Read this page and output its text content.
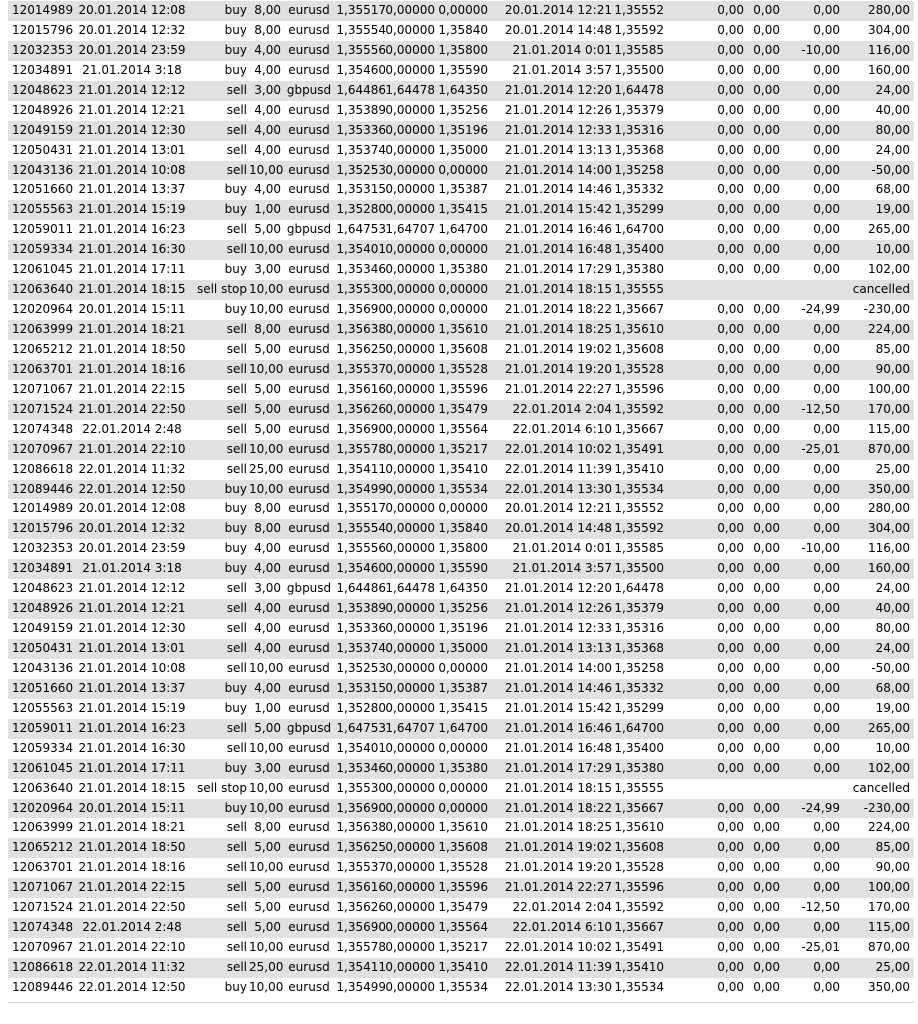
12014989 20.01.2014 12:08	buy 8,00 eurusd 1,35517 0,00000 0,00000 20.01.2014 12:21 1,35552	0,00 0,00	0,00	280,00
12015796 20.01.2014 12:32	buy 8,00 eurusd 1,35554 0,00000 1,35840 20.01.2014 14:48 1,35592	0,00 0,00	0,00	304,00
12032353 20.01.2014 23:59	buy 4,00 eurusd 1,35556 0,00000 1,35800	21.01.2014 0:01 1,35585	0,00 0,00	-10,00	116,00
12034891 21.01.2014 3:18	buy 4,00 eurusd 1,35460 0,00000 1,35590	21.01.2014 3:57 1,35500	0,00 0,00	0,00	160,00
12048623 21.01.2014 12:12	sell 3,00 gbpusd 1,64486 1,64478 1,64350 21.01.2014 12:20 1,64478	0,00 0,00	0,00	24,00
12048926 21.01.2014 12:21	sell 4,00 eurusd 1,35389 0,00000 1,35256 21.01.2014 12:26 1,35379	0,00 0,00	0,00	40,00
12049159 21.01.2014 12:30	sell 4,00 eurusd 1,35336 0,00000 1,35196 21.01.2014 12:33 1,35316	0,00 0,00	0,00	80,00
12050431 21.01.2014 13:01	sell 4,00 eurusd 1,35374 0,00000 1,35000 21.01.2014 13:13 1,35368	0,00 0,00	0,00	24,00
12043136 21.01.2014 10:08	sell 10,00 eurusd 1,35253 0,00000 0,00000 21.01.2014 14:00 1,35258	0,00 0,00	0,00	-50,00
12051660 21.01.2014 13:37	buy 4,00 eurusd 1,35315 0,00000 1,35387 21.01.2014 14:46 1,35332	0,00 0,00	0,00	68,00
12055563 21.01.2014 15:19	buy 1,00 eurusd 1,35280 0,00000 1,35415 21.01.2014 15:42 1,35299	0,00 0,00	0,00	19,00
12059011 21.01.2014 16:23	sell 5,00 gbpusd 1,64753 1,64707 1,64700 21.01.2014 16:46 1,64700	0,00 0,00	0,00	265,00
12059334 21.01.2014 16:30	sell 10,00 eurusd 1,35401 0,00000 0,00000 21.01.2014 16:48 1,35400	0,00 0,00	0,00	10,00
12061045 21.01.2014 17:11	buy 3,00 eurusd 1,35346 0,00000 1,35380 21.01.2014 17:29 1,35380	0,00 0,00	0,00	102,00
12063640 21.01.2014 18:15 sell stop 10,00 eurusd 1,35530 0,00000 0,00000 21.01.2014 18:15 1,35555	cancelled
12020964 20.01.2014 15:11	buy 10,00 eurusd 1,35690 0,00000 0,00000 21.01.2014 18:22 1,35667	0,00 0,00	-24,99	-230,00
12063999 21.01.2014 18:21	sell 8,00 eurusd 1,35638 0,00000 1,35610 21.01.2014 18:25 1,35610	0,00 0,00	0,00	224,00
12065212 21.01.2014 18:50	sell 5,00 eurusd 1,35625 0,00000 1,35608 21.01.2014 19:02 1,35608	0,00 0,00	0,00	85,00
12063701 21.01.2014 18:16	sell 10,00 eurusd 1,35537 0,00000 1,35528 21.01.2014 19:20 1,35528	0,00 0,00	0,00	90,00
12071067 21.01.2014 22:15	sell 5,00 eurusd 1,35616 0,00000 1,35596 21.01.2014 22:27 1,35596	0,00 0,00	0,00	100,00
12071524 21.01.2014 22:50	sell 5,00 eurusd 1,35626 0,00000 1,35479	22.01.2014 2:04 1,35592	0,00 0,00	-12,50	170,00
12074348 22.01.2014 2:48	sell 5,00 eurusd 1,35690 0,00000 1,35564	22.01.2014 6:10 1,35667	0,00 0,00	0,00	115,00
12070967 21.01.2014 22:10	sell 10,00 eurusd 1,35578 0,00000 1,35217 22.01.2014 10:02 1,35491	0,00 0,00	-25,01	870,00
12086618 22.01.2014 11:32	sell 25,00 eurusd 1,35411 0,00000 1,35410 22.01.2014 11:39 1,35410	0,00 0,00	0,00	25,00
12089446 22.01.2014 12:50	buy 10,00 eurusd 1,35499 0,00000 1,35534 22.01.2014 13:30 1,35534	0,00 0,00	0,00	350,00
12014989 20.01.2014 12:08	buy 8,00 eurusd 1,35517 0,00000 0,00000 20.01.2014 12:21 1,35552	0,00 0,00	0,00	280,00
12015796 20.01.2014 12:32	buy 8,00 eurusd 1,35554 0,00000 1,35840 20.01.2014 14:48 1,35592	0,00 0,00	0,00	304,00
12032353 20.01.2014 23:59	buy 4,00 eurusd 1,35556 0,00000 1,35800	21.01.2014 0:01 1,35585	0,00 0,00	-10,00	116,00
12034891 21.01.2014 3:18	buy 4,00 eurusd 1,35460 0,00000 1,35590	21.01.2014 3:57 1,35500	0,00 0,00	0,00	160,00
12048623 21.01.2014 12:12	sell 3,00 gbpusd 1,64486 1,64478 1,64350 21.01.2014 12:20 1,64478	0,00 0,00	0,00	24,00
12048926 21.01.2014 12:21	sell 4,00 eurusd 1,35389 0,00000 1,35256 21.01.2014 12:26 1,35379	0,00 0,00	0,00	40,00
12049159 21.01.2014 12:30	sell 4,00 eurusd 1,35336 0,00000 1,35196 21.01.2014 12:33 1,35316	0,00 0,00	0,00	80,00
12050431 21.01.2014 13:01	sell 4,00 eurusd 1,35374 0,00000 1,35000 21.01.2014 13:13 1,35368	0,00 0,00	0,00	24,00
12043136 21.01.2014 10:08	sell 10,00 eurusd 1,35253 0,00000 0,00000 21.01.2014 14:00 1,35258	0,00 0,00	0,00	-50,00
12051660 21.01.2014 13:37	buy 4,00 eurusd 1,35315 0,00000 1,35387 21.01.2014 14:46 1,35332	0,00 0,00	0,00	68,00
12055563 21.01.2014 15:19	buy 1,00 eurusd 1,35280 0,00000 1,35415 21.01.2014 15:42 1,35299	0,00 0,00	0,00	19,00
12059011 21.01.2014 16:23	sell 5,00 gbpusd 1,64753 1,64707 1,64700 21.01.2014 16:46 1,64700	0,00 0,00	0,00	265,00
12059334 21.01.2014 16:30	sell 10,00 eurusd 1,35401 0,00000 0,00000 21.01.2014 16:48 1,35400	0,00 0,00	0,00	10,00
12061045 21.01.2014 17:11	buy 3,00 eurusd 1,35346 0,00000 1,35380 21.01.2014 17:29 1,35380	0,00 0,00	0,00	102,00
12063640 21.01.2014 18:15 sell stop 10,00 eurusd 1,35530 0,00000 0,00000 21.01.2014 18:15 1,35555	cancelled
12020964 20.01.2014 15:11	buy 10,00 eurusd 1,35690 0,00000 0,00000 21.01.2014 18:22 1,35667	0,00 0,00	-24,99	-230,00
12063999 21.01.2014 18:21	sell 8,00 eurusd 1,35638 0,00000 1,35610 21.01.2014 18:25 1,35610	0,00 0,00	0,00	224,00
12065212 21.01.2014 18:50	sell 5,00 eurusd 1,35625 0,00000 1,35608 21.01.2014 19:02 1,35608	0,00 0,00	0,00	85,00
12063701 21.01.2014 18:16	sell 10,00 eurusd 1,35537 0,00000 1,35528 21.01.2014 19:20 1,35528	0,00 0,00	0,00	90,00
12071067 21.01.2014 22:15	sell 5,00 eurusd 1,35616 0,00000 1,35596 21.01.2014 22:27 1,35596	0,00 0,00	0,00	100,00
12071524 21.01.2014 22:50	sell 5,00 eurusd 1,35626 0,00000 1,35479	22.01.2014 2:04 1,35592	0,00 0,00	-12,50	170,00
12074348 22.01.2014 2:48	sell 5,00 eurusd 1,35690 0,00000 1,35564	22.01.2014 6:10 1,35667	0,00 0,00	0,00	115,00
12070967 21.01.2014 22:10	sell 10,00 eurusd 1,35578 0,00000 1,35217 22.01.2014 10:02 1,35491	0,00 0,00	-25,01	870,00
12086618 22.01.2014 11:32	sell 25,00 eurusd 1,35411 0,00000 1,35410 22.01.2014 11:39 1,35410	0,00 0,00	0,00	25,00
12089446 22.01.2014 12:50	buy 10,00 eurusd 1,35499 0,00000 1,35534 22.01.2014 13:30 1,35534	0,00 0,00	0,00	350,00
